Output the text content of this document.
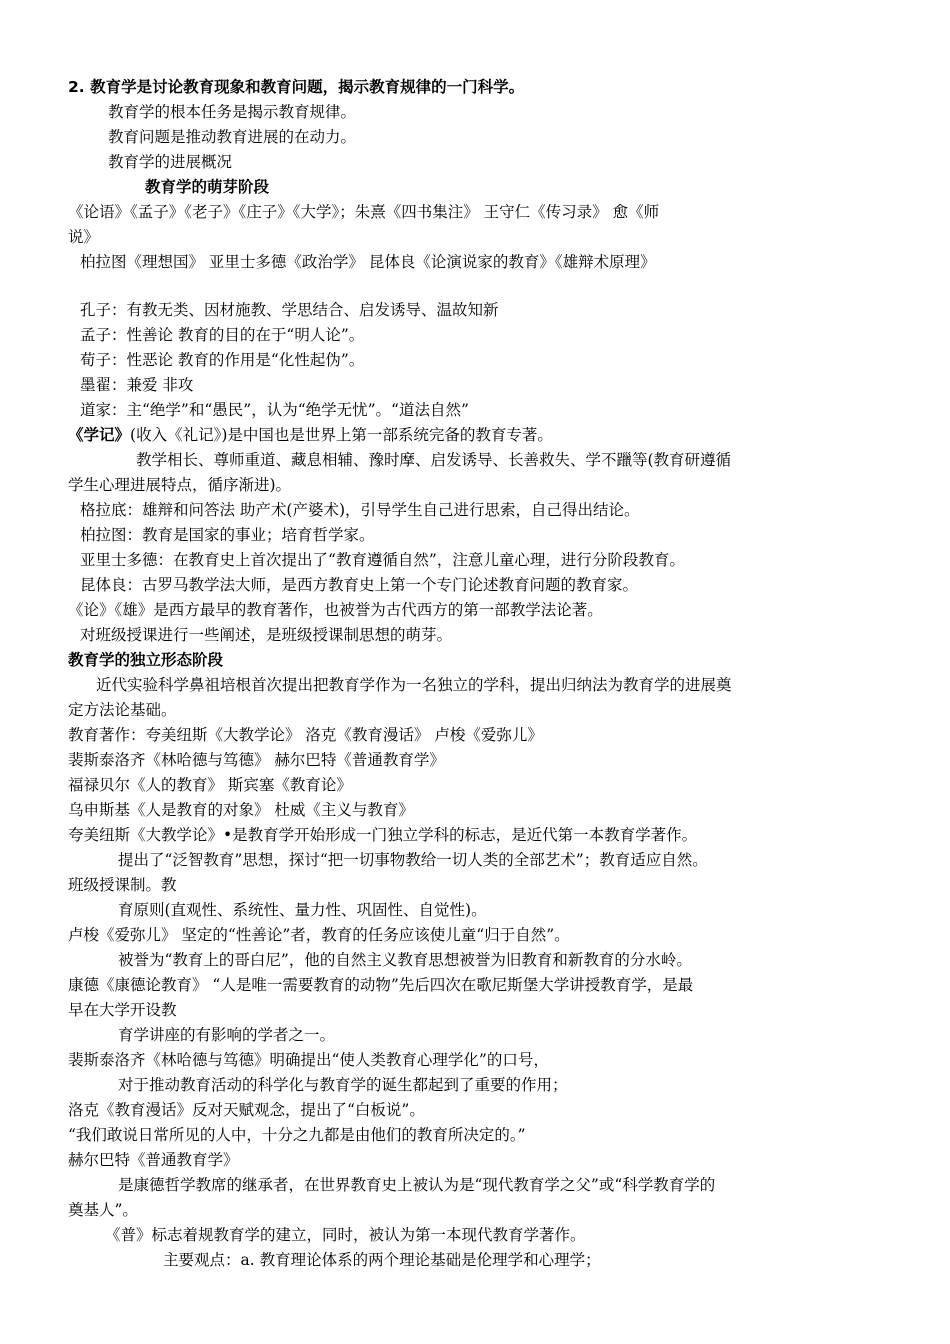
2. 教育学是讨论教育现象和教育问题，揭示教育规律的一门科学。
教育学的根本任务是揭示教育规律。
教育问题是推动教育进展的在动力。
教育学的进展概况
教育学的萌芽阶段
《论语》《孟子》《老子》《庄子》《大学》；朱熹《四书集注》 王守仁《传习录》 愈《师
说》
柏拉图《理想国》 亚里士多德《政治学》 昆体良《论演说家的教育》《雄辩术原理》
孔子：有教无类、因材施教、学思结合、启发诱导、温故知新
孟子：性善论 教育的目的在于“明人论”。
荀子：性恶论 教育的作用是“化性起伪”。
墨翟：兼爱 非攻
道家：主“绝学”和“愚民”，认为“绝学无忧”。“道法自然”
《学记》(收入《礼记》)是中国也是世界上第一部系统完备的教育专著。
教学相长、尊师重道、藏息相辅、豫时摩、启发诱导、长善救失、学不躐等(教育研遵循
学生心理进展特点，循序渐进)。
格拉底：雄辩和问答法 助产术(产婆术)，引导学生自己进行思索，自己得出结论。
柏拉图：教育是国家的事业；培育哲学家。
亚里士多德：在教育史上首次提出了“教育遵循自然”，注意儿童心理，进行分阶段教育。
昆体良：古罗马教学法大师，是西方教育史上第一个专门论述教育问题的教育家。
《论》《雄》是西方最早的教育著作，也被誉为古代西方的第一部教学法论著。
对班级授课进行一些阐述，是班级授课制思想的萌芽。
教育学的独立形态阶段
近代实验科学鼻祖培根首次提出把教育学作为一名独立的学科，提出归纳法为教育学的进展奠
定方法论基础。
教育著作：夸美纽斯《大教学论》 洛克《教育漫话》 卢梭《爱弥儿》
裴斯泰洛齐《林哈德与笃德》 赫尔巴特《普通教育学》
福禄贝尔《人的教育》 斯宾塞《教育论》
乌申斯基《人是教育的对象》 杜威《主义与教育》
夸美纽斯《大教学论》•是教育学开始形成一门独立学科的标志，是近代第一本教育学著作。
提出了“泛智教育”思想，探讨“把一切事物教给一切人类的全部艺术”；教育适应自然。
班级授课制。教
育原则(直观性、系统性、量力性、巩固性、自觉性)。
卢梭《爱弥儿》 坚定的“性善论”者，教育的任务应该使儿童“归于自然”。
被誉为“教育上的哥白尼”，他的自然主义教育思想被誉为旧教育和新教育的分水岭。
康德《康德论教育》 “人是唯一需要教育的动物”先后四次在歌尼斯堡大学讲授教育学，是最
早在大学开设教
育学讲座的有影响的学者之一。
裴斯泰洛齐《林哈德与笃德》明确提出“使人类教育心理学化”的口号，
对于推动教育活动的科学化与教育学的诞生都起到了重要的作用；
洛克《教育漫话》反对天赋观念，提出了“白板说”。
“我们敢说日常所见的人中，十分之九都是由他们的教育所决定的。”
赫尔巴特《普通教育学》
是康德哲学教席的继承者，在世界教育史上被认为是“现代教育学之父”或“科学教育学的
奠基人”。
《普》标志着规教育学的建立，同时，被认为第一本现代教育学著作。
主要观点：a. 教育理论体系的两个理论基础是伦理学和心理学；
